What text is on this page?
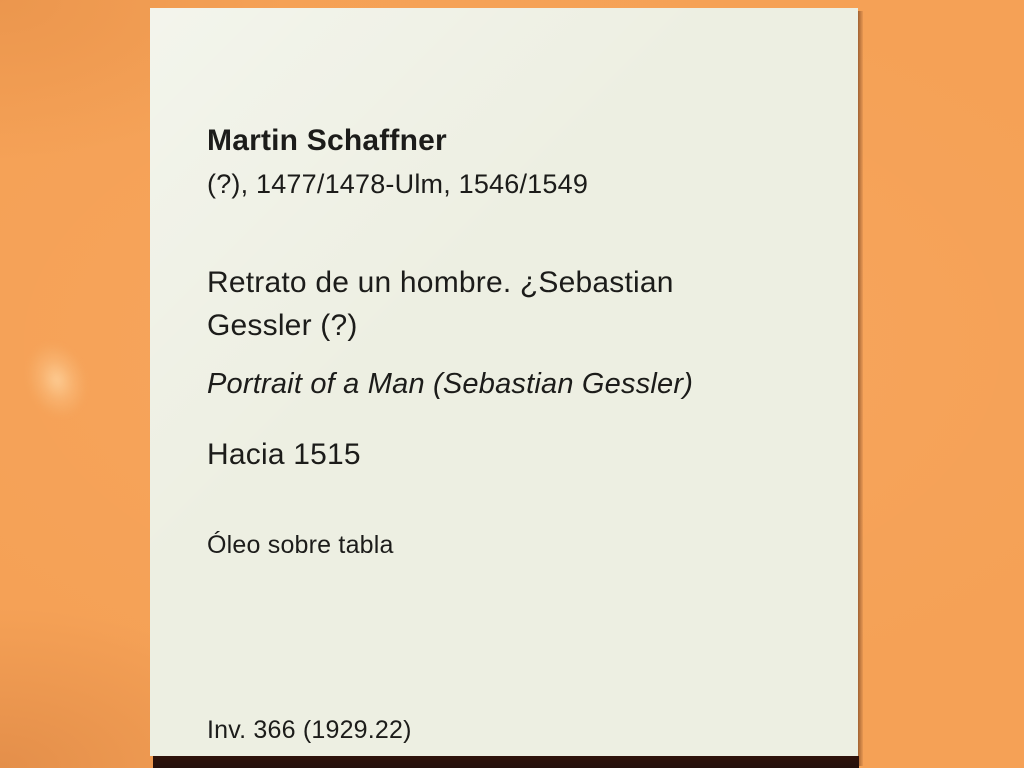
Martin Schaffner
(?), 1477/1478-Ulm, 1546/1549
Retrato de un hombre. ¿Sebastian
Gessler (?)
Portrait of a Man (Sebastian Gessler)
Hacia 1515
Óleo sobre tabla
Inv. 366 (1929.22)
